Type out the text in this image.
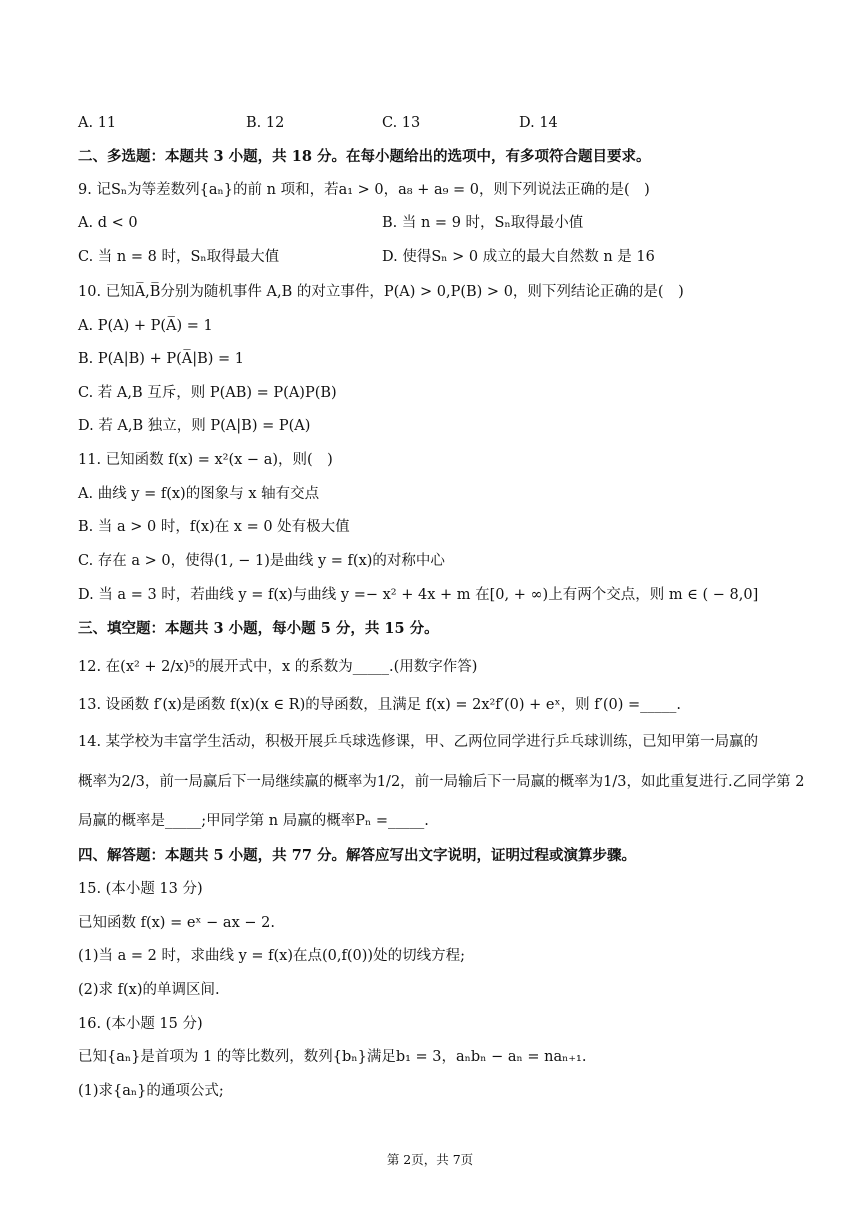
A. 11	B. 12	C. 13	D. 14
二、多选题：本题共 3 小题，共 18 分。在每小题给出的选项中，有多项符合题目要求。
9. 记Sₙ为等差数列{aₙ}的前 n 项和，若a₁ > 0，a₈ + a₉ = 0，则下列说法正确的是(　)
A. d < 0	B. 当 n = 9 时，Sₙ取得最小值
C. 当 n = 8 时，Sₙ取得最大值	D. 使得Sₙ > 0 成立的最大自然数 n 是 16
10. 已知A̅,B̅分别为随机事件 A,B 的对立事件，P(A) > 0,P(B) > 0，则下列结论正确的是(　)
A. P(A) + P(A̅) = 1
B. P(A|B) + P(A̅|B) = 1
C. 若 A,B 互斥，则 P(AB) = P(A)P(B)
D. 若 A,B 独立，则 P(A|B) = P(A)
11. 已知函数 f(x) = x²(x − a)，则(　)
A. 曲线 y = f(x)的图象与 x 轴有交点
B. 当 a > 0 时，f(x)在 x = 0 处有极大值
C. 存在 a > 0，使得(1, − 1)是曲线 y = f(x)的对称中心
D. 当 a = 3 时，若曲线 y = f(x)与曲线 y =− x² + 4x + m 在[0, + ∞)上有两个交点，则 m ∈ ( − 8,0]
三、填空题：本题共 3 小题，每小题 5 分，共 15 分。
12. 在(x² + 2/x)⁵的展开式中，x 的系数为_____.(用数字作答)
13. 设函数 f′(x)是函数 f(x)(x ∈ R)的导函数，且满足 f(x) = 2x²f′(0) + eˣ，则 f′(0) =_____.
14. 某学校为丰富学生活动，积极开展乒乓球选修课，甲、乙两位同学进行乒乓球训练，已知甲第一局赢的
概率为2/3，前一局赢后下一局继续赢的概率为1/2，前一局输后下一局赢的概率为1/3，如此重复进行.乙同学第 2
局赢的概率是_____;甲同学第 n 局赢的概率Pₙ =_____.
四、解答题：本题共 5 小题，共 77 分。解答应写出文字说明，证明过程或演算步骤。
15. (本小题 13 分)
已知函数 f(x) = eˣ − ax − 2.
(1)当 a = 2 时，求曲线 y = f(x)在点(0,f(0))处的切线方程;
(2)求 f(x)的单调区间.
16. (本小题 15 分)
已知{aₙ}是首项为 1 的等比数列，数列{bₙ}满足b₁ = 3，aₙbₙ − aₙ = naₙ₊₁.
(1)求{aₙ}的通项公式;
第 2页，共 7页
